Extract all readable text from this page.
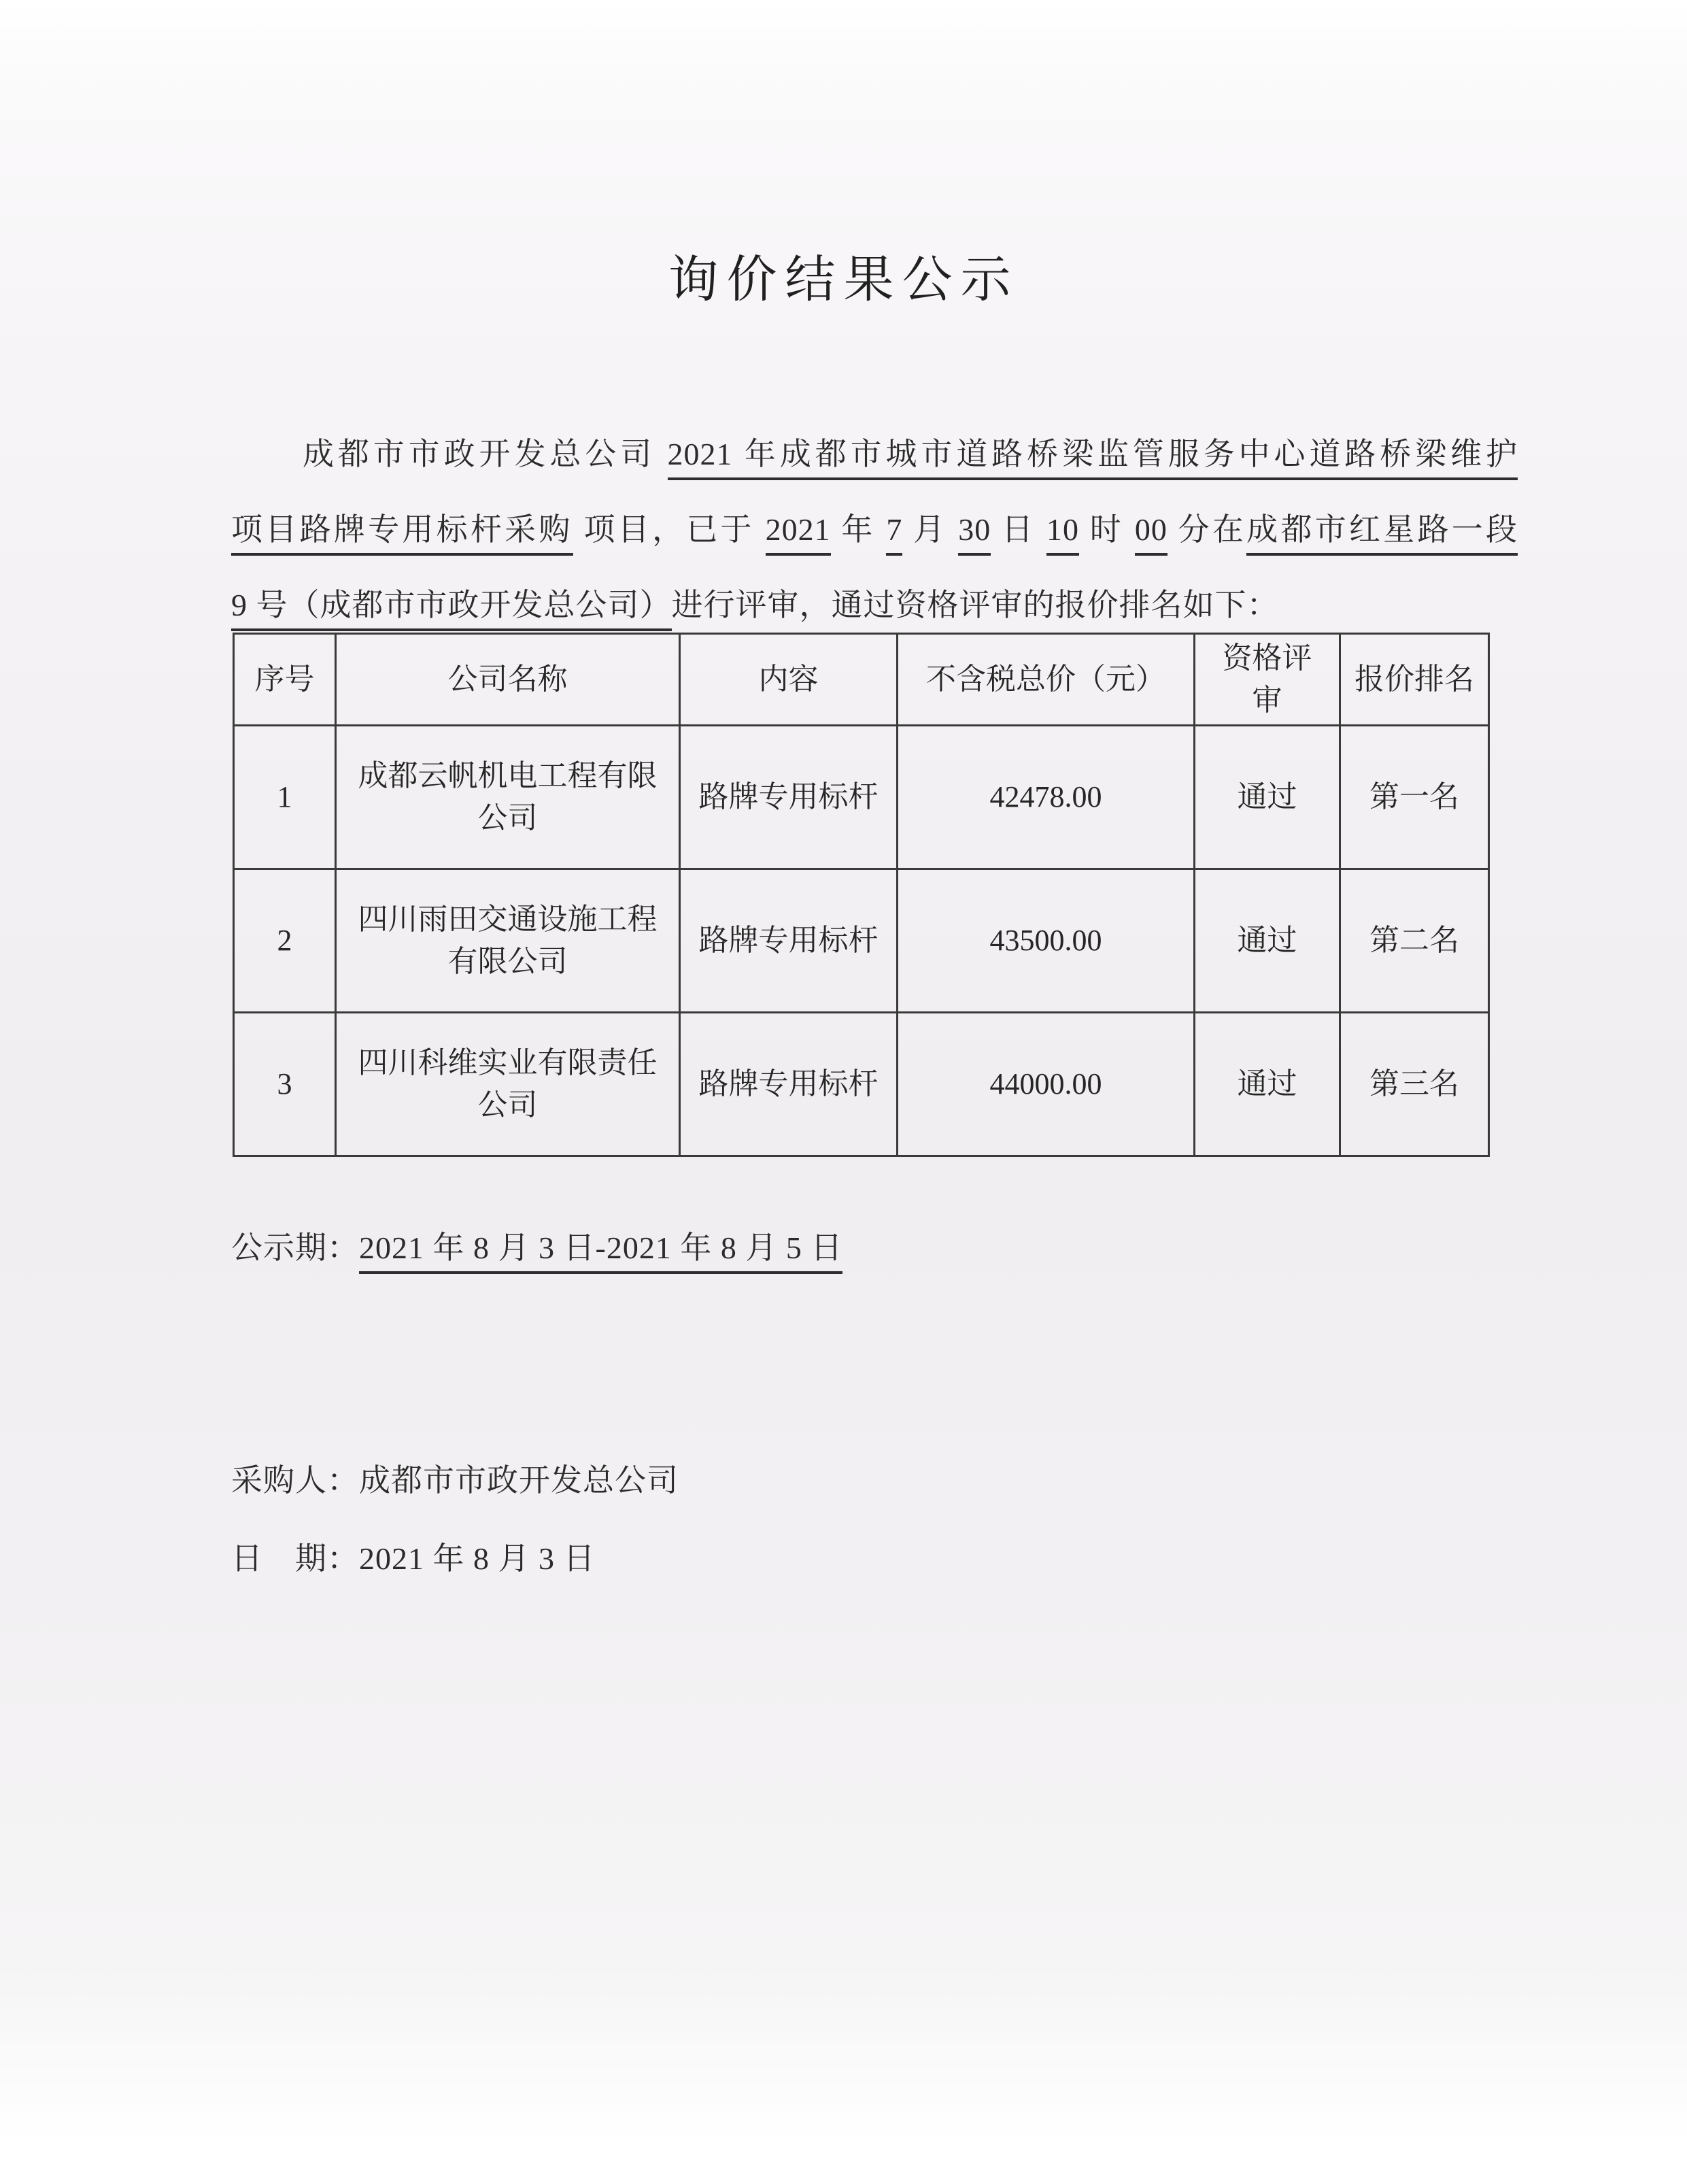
询价结果公示
成都市市政开发总公司 2021 年成都市城市道路桥梁监管服务中心道路桥梁维护
项目路牌专用标杆采购 项目，已于 2021 年 7 月 30 日 10 时 00 分在成都市红星路一段
9 号（成都市市政开发总公司）进行评审，通过资格评审的报价排名如下：
序号	公司名称	内容	不含税总价（元）	资格评审	报价排名
1	成都云帆机电工程有限公司	路牌专用标杆	42478.00	通过	第一名
2	四川雨田交通设施工程有限公司	路牌专用标杆	43500.00	通过	第二名
3	四川科维实业有限责任公司	路牌专用标杆	44000.00	通过	第三名
公示期：2021 年 8 月 3 日-2021 年 8 月 5 日
采购人：成都市市政开发总公司
日　期：2021 年 8 月 3 日
